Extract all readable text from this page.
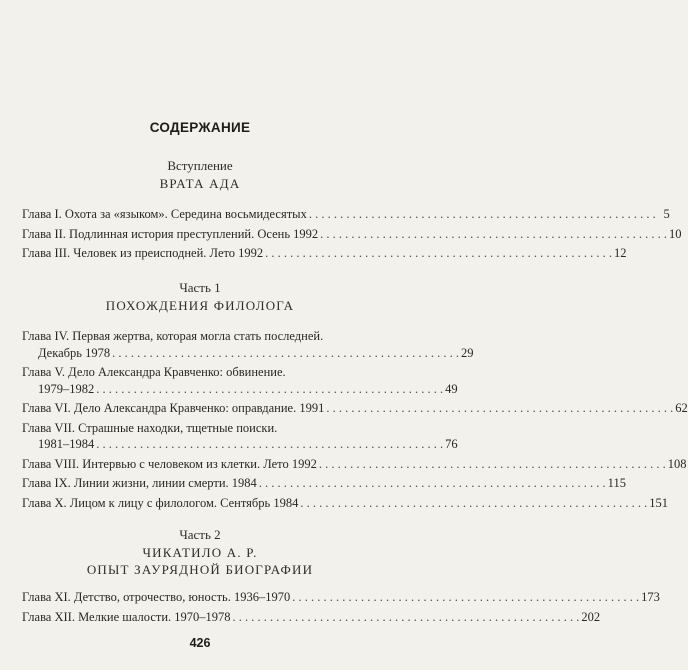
СОДЕРЖАНИЕ
Вступление
ВРАТА АДА
Глава I. Охота за «языком». Середина восьмидесятых . . .	5
Глава II. Подлинная история преступлений. Осень 1992 . . .	10
Глава III. Человек из преисподней. Лето 1992 . . .	12
Часть 1
ПОХОЖДЕНИЯ ФИЛОЛОГА
Глава IV. Первая жертва, которая могла стать последней.
Декабрь 1978 . . .	29
Глава V. Дело Александра Кравченко: обвинение.
1979–1982 . . .	49
Глава VI. Дело Александра Кравченко: оправдание. 1991 . . .	62
Глава VII. Страшные находки, тщетные поиски.
1981–1984 . . .	76
Глава VIII. Интервью с человеком из клетки. Лето 1992 . . .	108
Глава IX. Линии жизни, линии смерти. 1984 . . .	115
Глава X. Лицом к лицу с филологом. Сентябрь 1984 . . .	151
Часть 2
ЧИКАТИЛО А. Р.
ОПЫТ ЗАУРЯДНОЙ БИОГРАФИИ
Глава XI. Детство, отрочество, юность. 1936–1970 . . .	173
Глава XII. Мелкие шалости. 1970–1978 . . .	202
426
